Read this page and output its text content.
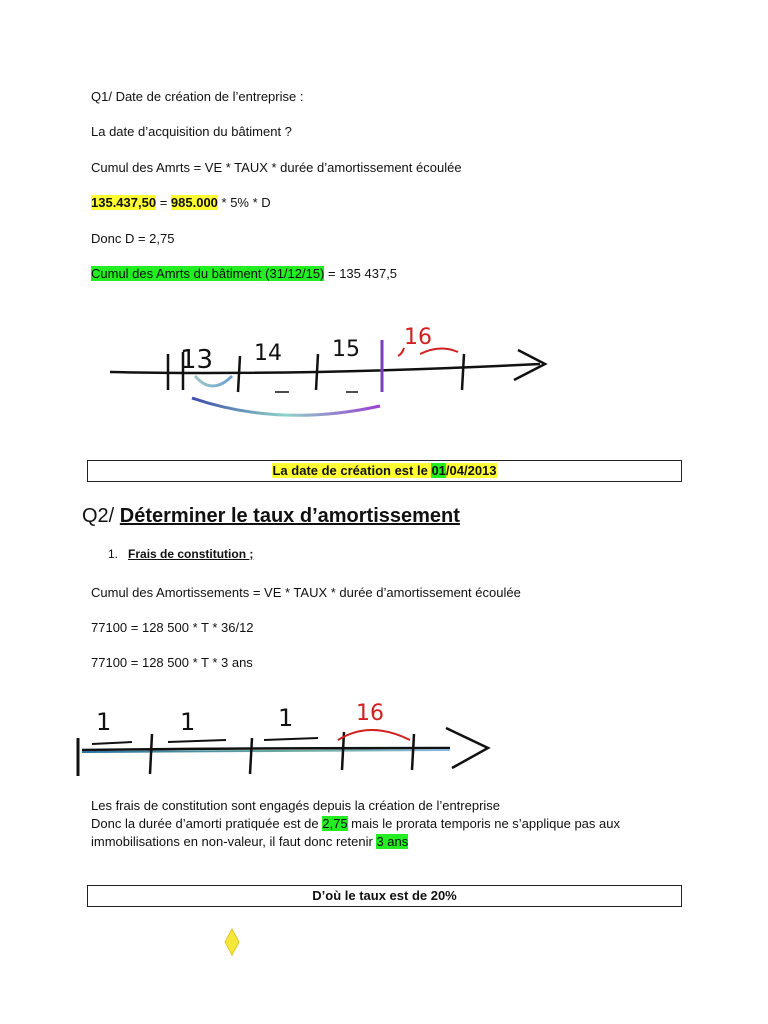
Q1/ Date de création de l’entreprise :
La date d’acquisition du bâtiment ?
Cumul des Amrts = VE * TAUX * durée d’amortissement écoulée
135.437,50 = 985.000 * 5% * D
Donc D = 2,75
Cumul des Amrts du bâtiment (31/12/15) = 135 437,5
13 14 15 16
La date de création est le 01/04/2013
Q2/ Déterminer le taux d’amortissement
1. Frais de constitution ;
Cumul des Amortissements = VE * TAUX * durée d’amortissement écoulée
77100 = 128 500 * T * 36/12
77100 = 128 500 * T * 3 ans
1	1	1	16
Les frais de constitution sont engagés depuis la création de l’entreprise
Donc la durée d’amorti pratiquée est de 2,75 mais le prorata temporis ne s’applique pas aux
immobilisations en non-valeur, il faut donc retenir 3 ans
D’où le taux est de 20%
